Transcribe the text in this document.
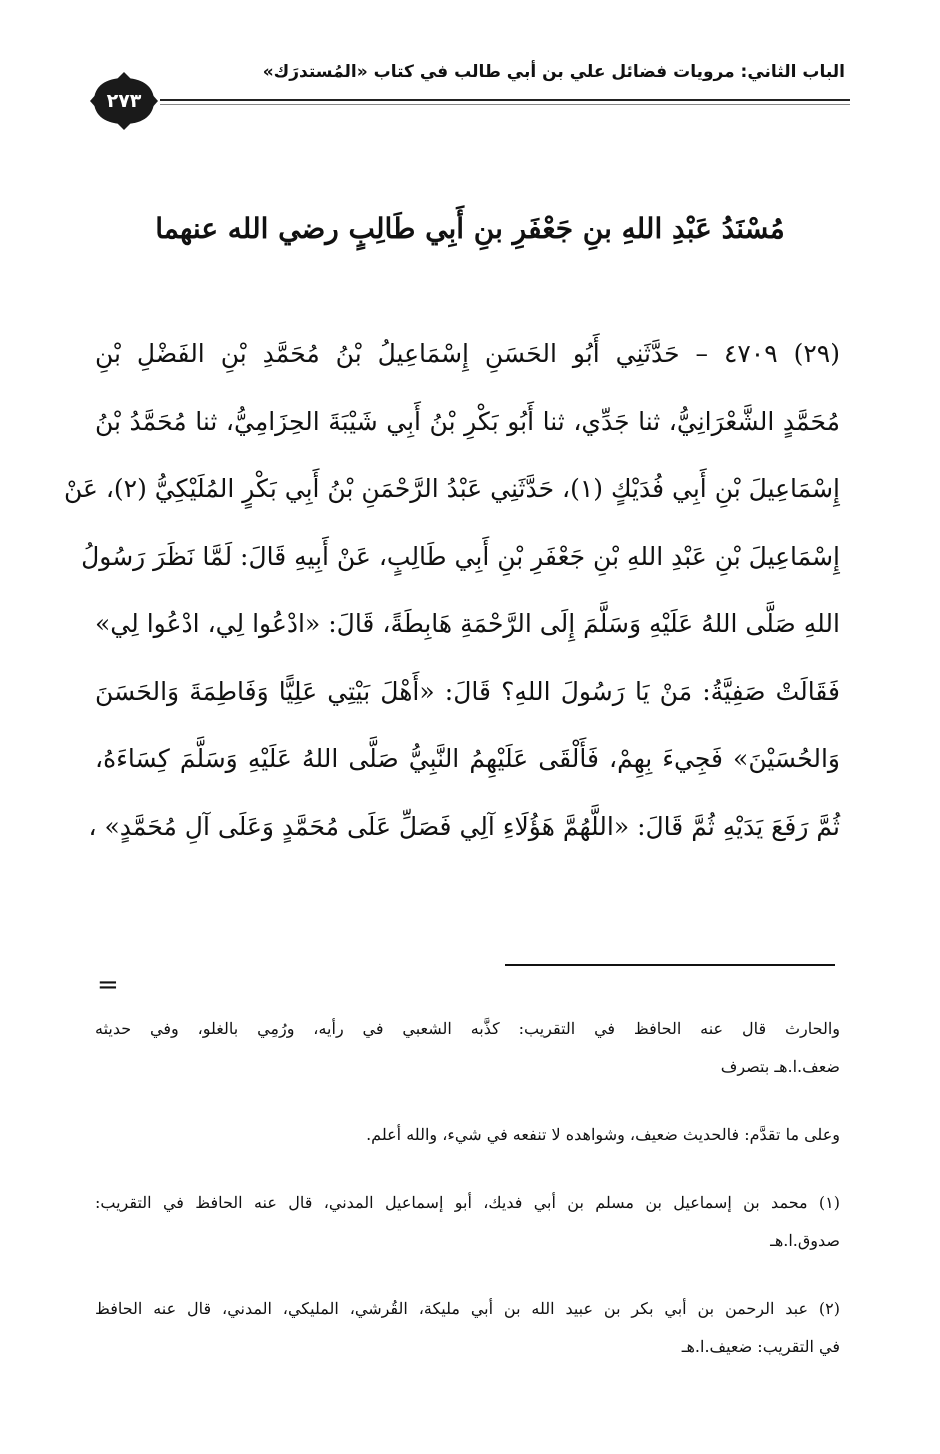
الباب الثاني: مرويات فضائل علي بن أبي طالب في كتاب «المُستدرَك»
٢٧٣
مُسْنَدُ عَبْدِ اللهِ بنِ جَعْفَرِ بنِ أَبِي طَالِبٍ رضي الله عنهما
(٢٩) ٤٧٠٩ – حَدَّثَنِي أَبُو الحَسَنِ إِسْمَاعِيلُ بْنُ مُحَمَّدِ بْنِ الفَضْلِ بْنِ
مُحَمَّدٍ الشَّعْرَانِيُّ، ثنا جَدِّي، ثنا أَبُو بَكْرِ بْنُ أَبِي شَيْبَةَ الحِزَامِيُّ، ثنا مُحَمَّدُ بْنُ
إِسْمَاعِيلَ بْنِ أَبِي فُدَيْكٍ (١)، حَدَّثَنِي عَبْدُ الرَّحْمَنِ بْنُ أَبِي بَكْرٍ المُلَيْكِيُّ (٢)، عَنْ
إِسْمَاعِيلَ بْنِ عَبْدِ اللهِ بْنِ جَعْفَرِ بْنِ أَبِي طَالِبٍ، عَنْ أَبِيهِ قَالَ: لَمَّا نَظَرَ رَسُولُ
اللهِ صَلَّى اللهُ عَلَيْهِ وَسَلَّمَ إِلَى الرَّحْمَةِ هَابِطَةً، قَالَ: «ادْعُوا لِي، ادْعُوا لِي»
فَقَالَتْ صَفِيَّةُ: مَنْ يَا رَسُولَ اللهِ؟ قَالَ: «أَهْلَ بَيْتِي عَلِيًّا وَفَاطِمَةَ وَالحَسَنَ
وَالحُسَيْنَ» فَجِيءَ بِهِمْ، فَأَلْقَى عَلَيْهِمُ النَّبِيُّ صَلَّى اللهُ عَلَيْهِ وَسَلَّمَ كِسَاءَهُ،
ثُمَّ رَفَعَ يَدَيْهِ ثُمَّ قَالَ: «اللَّهُمَّ هَؤُلَاءِ آلِي فَصَلِّ عَلَى مُحَمَّدٍ وَعَلَى آلِ مُحَمَّدٍ» ،
=
والحارث قال عنه الحافظ في التقريب: كذَّبه الشعبي في رأيه، ورُمِي بالغلو، وفي حديثه
ضعف.ا.هـ بتصرف
وعلى ما تقدَّم: فالحديث ضعيف، وشواهده لا تنفعه في شيء، والله أعلم.
(١) محمد بن إسماعيل بن مسلم بن أبي فديك، أبو إسماعيل المدني، قال عنه الحافظ في التقريب:
صدوق.ا.هـ
(٢) عبد الرحمن بن أبي بكر بن عبيد الله بن أبي مليكة، القُرشي، المليكي، المدني، قال عنه الحافظ
في التقريب: ضعيف.ا.هـ
